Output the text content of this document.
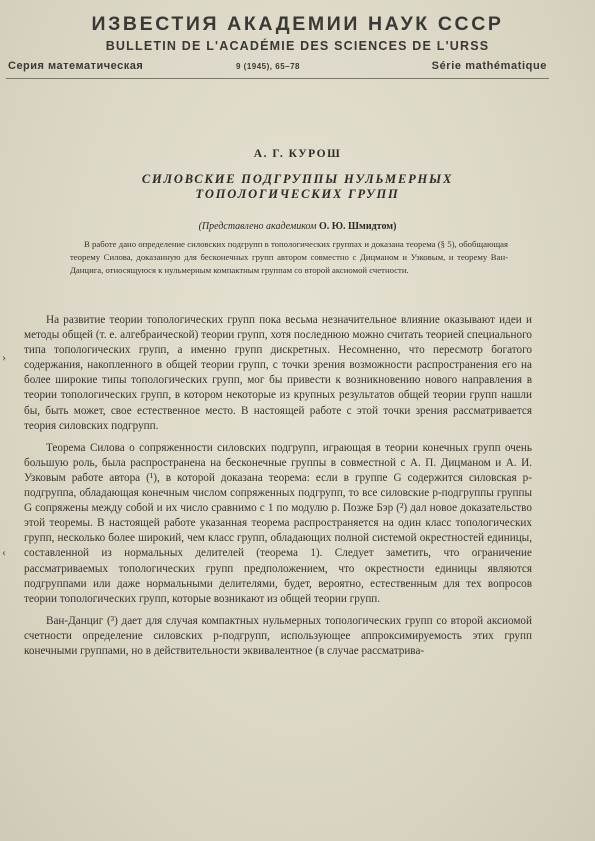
ИЗВЕСТИЯ АКАДЕМИИ НАУК СССР
BULLETIN DE L'ACADÉMIE DES SCIENCES DE L'URSS
Серия математическая	9 (1945), 65–78	Série mathématique
А. Г. КУРОШ
СИЛОВСКИЕ ПОДГРУППЫ НУЛЬМЕРНЫХ ТОПОЛОГИЧЕСКИХ ГРУПП
(Представлено академиком О. Ю. Шмидтом)
В работе дано определение силовских подгрупп в топологических группах и доказана теорема (§ 5), обобщающая теорему Силова, доказанную для бесконечных групп автором совместно с Дицманом и Узковым, и теорему Ван-Данцига, относящуюся к нульмерным компактным группам со второй аксиомой счетности.

На развитие теории топологических групп пока весьма незначительное влияние оказывают идеи и методы общей (т. е. алгебраической) теории групп, хотя последнюю можно считать теорией специального типа топологических групп, а именно групп дискретных. Несомненно, что пересмотр богатого содержания, накопленного в общей теории групп, с точки зрения возможности распространения его на более широкие типы топологических групп, мог бы привести к возникновению нового направления в теории топологических групп, в котором некоторые из крупных результатов общей теории групп нашли бы, быть может, свое естественное место. В настоящей работе с этой точки зрения рассматривается теория силовских подгрупп.

Теорема Силова о сопряженности силовских подгрупп, играющая в теории конечных групп очень большую роль, была распространена на бесконечные группы в совместной с А. П. Дицманом и А. И. Узковым работе автора (¹), в которой доказана теорема: если в группе G содержится силовская p-подгруппа, обладающая конечным числом сопряженных подгрупп, то все силовские p-подгруппы группы G сопряжены между собой и их число сравнимо с 1 по модулю p. Позже Бэр (²) дал новое доказательство этой теоремы. В настоящей работе указанная теорема распространяется на один класс топологических групп, несколько более широкий, чем класс групп, обладающих полной системой окрестностей единицы, составленной из нормальных делителей (теорема 1). Следует заметить, что ограничение рассматриваемых топологических групп предположением, что окрестности единицы являются подгруппами или даже нормальными делителями, будет, вероятно, естественным для тех вопросов теории топологических групп, которые возникают из общей теории групп.

Ван-Данциг (³) дает для случая компактных нульмерных топологических групп со второй аксиомой счетности определение силовских p-подгрупп, использующее аппроксимируемость этих групп конечными группами, но в действительности эквивалентное (в случае рассматрива-

›
‹
